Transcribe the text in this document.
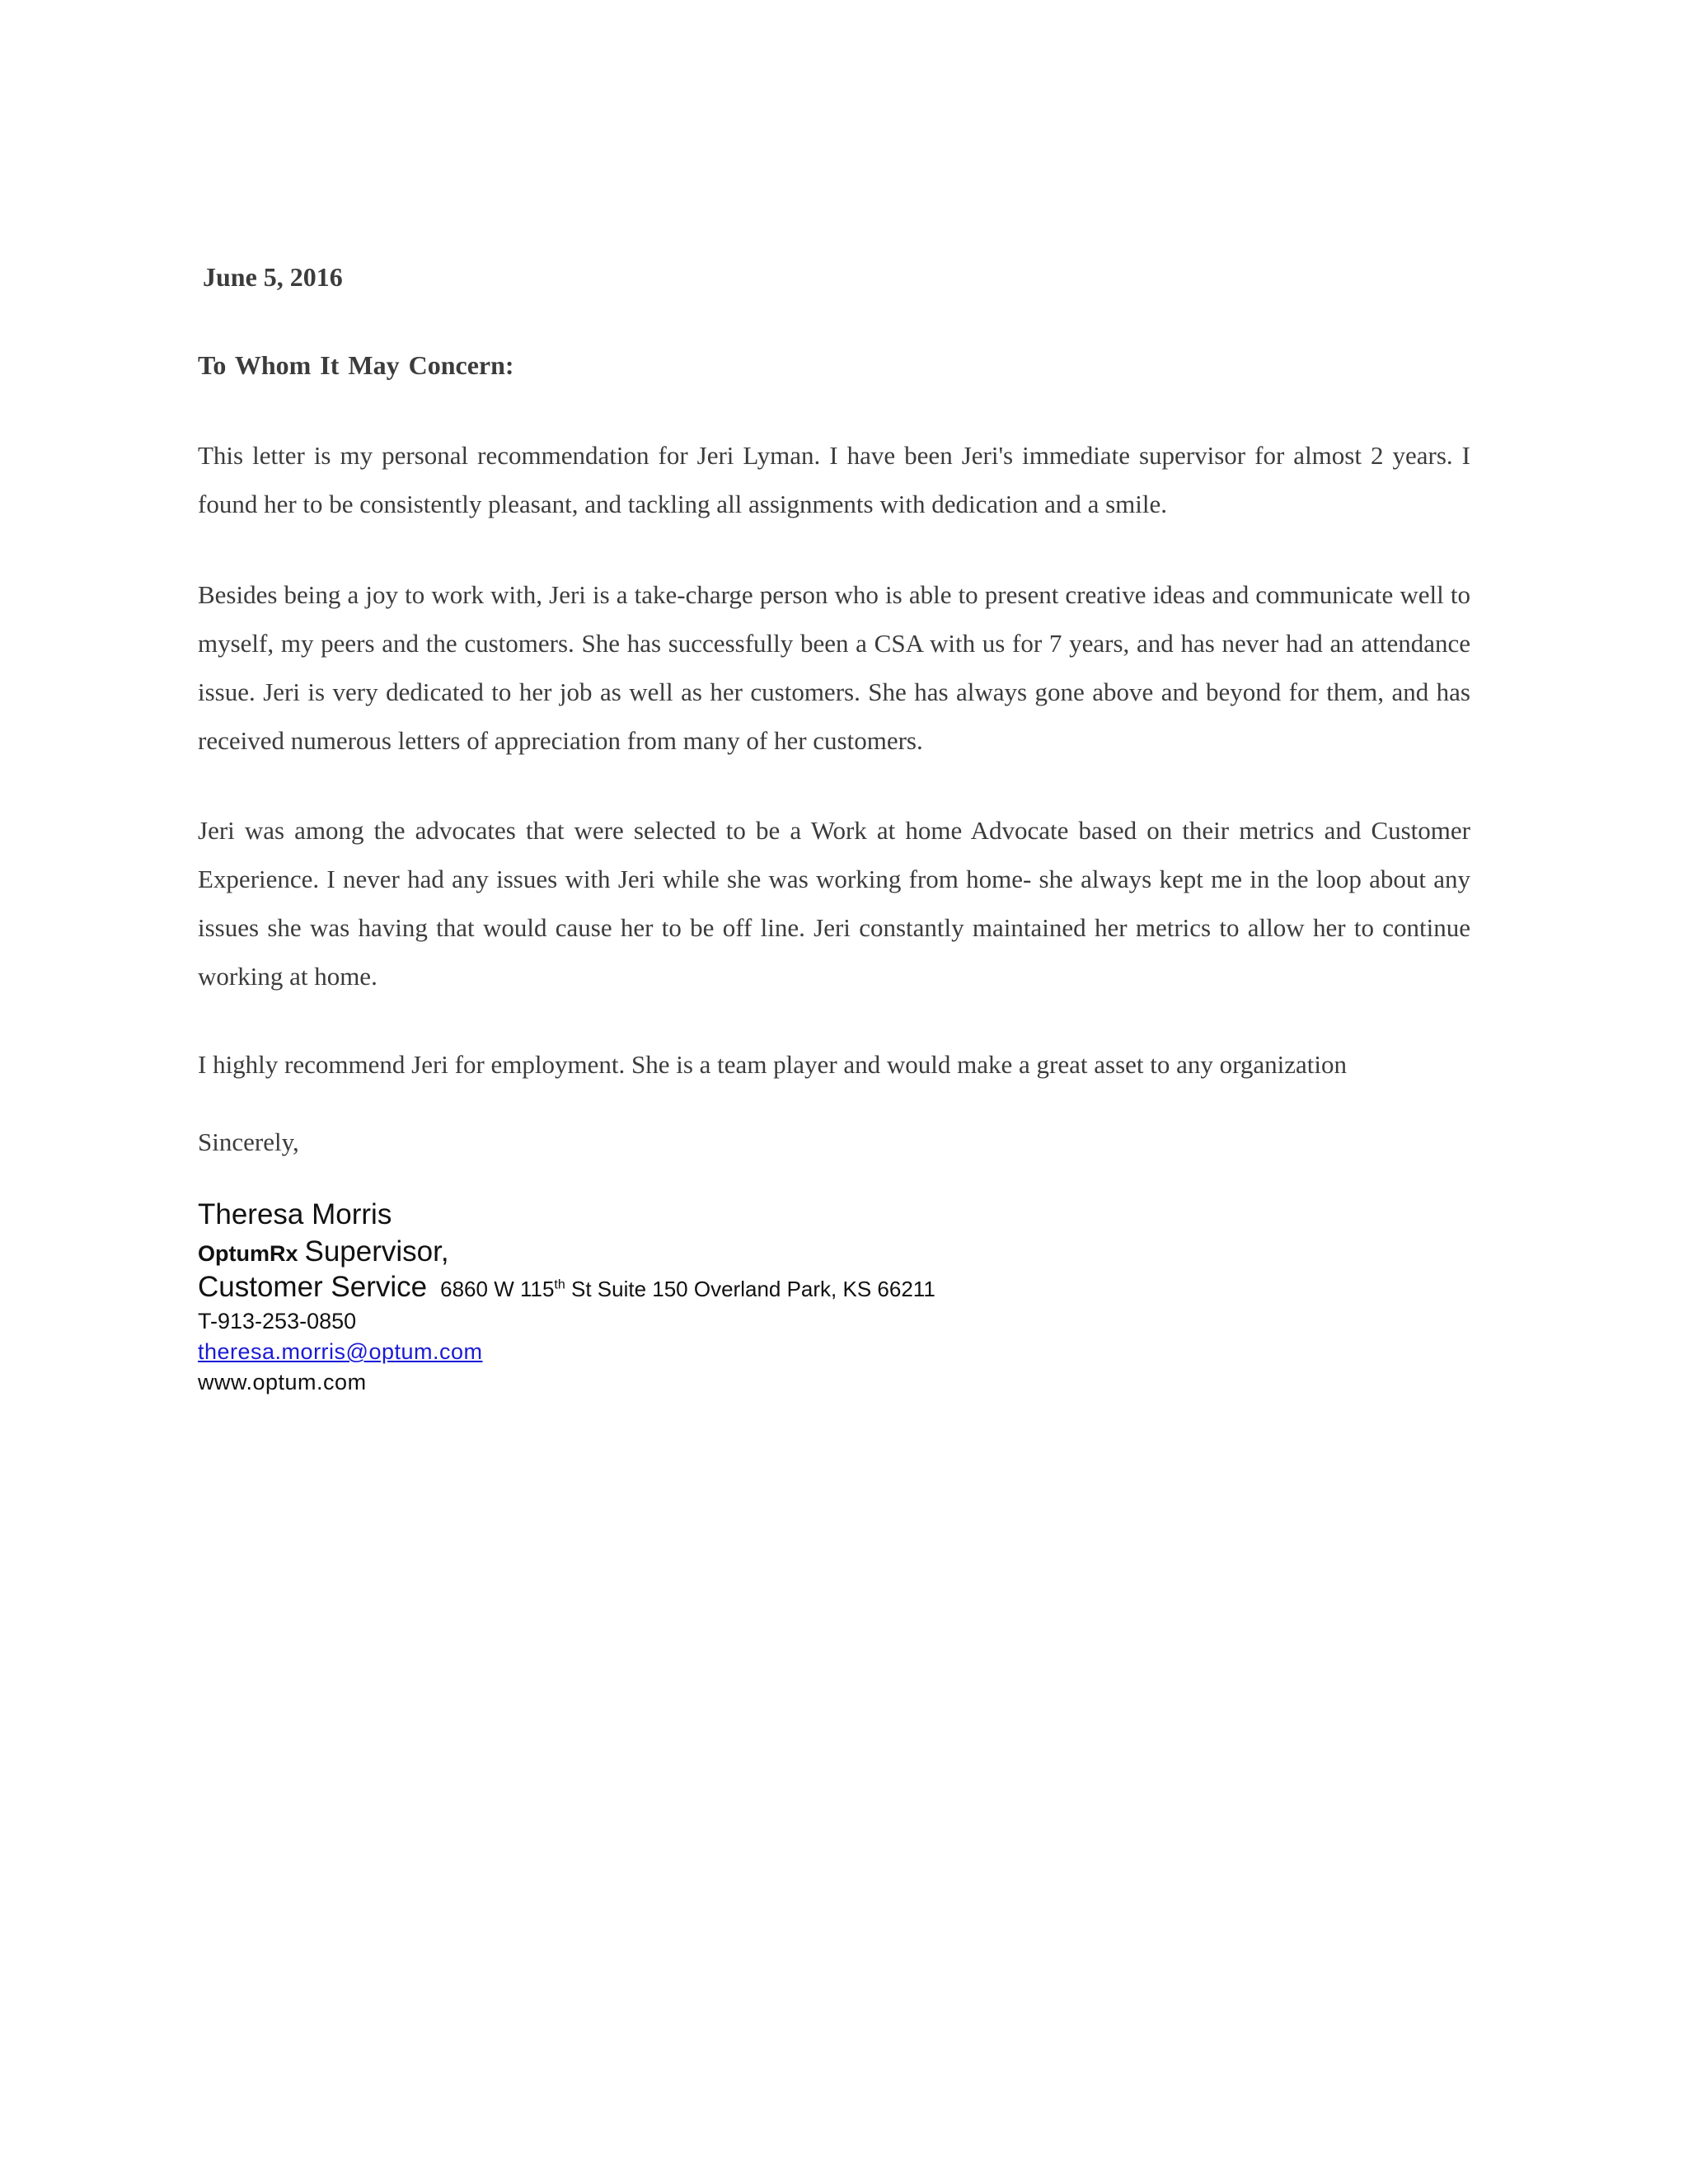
June 5, 2016
To Whom It May Concern:

This letter is my personal recommendation for Jeri Lyman. I have been Jeri's immediate supervisor for almost 2 years. I found her to be consistently pleasant, and tackling all assignments with dedication and a smile.

Besides being a joy to work with, Jeri is a take-charge person who is able to present creative ideas and communicate well to myself, my peers and the customers. She has successfully been a CSA with us for 7 years, and has never had an attendance issue. Jeri is very dedicated to her job as well as her customers. She has always gone above and beyond for them, and has received numerous letters of appreciation from many of her customers.

Jeri was among the advocates that were selected to be a Work at home Advocate based on their metrics and Customer Experience. I never had any issues with Jeri while she was working from home- she always kept me in the loop about any issues she was having that would cause her to be off line. Jeri constantly maintained her metrics to allow her to continue working at home.

I highly recommend Jeri for employment. She is a team player and would make a great asset to any organization

Sincerely,
Theresa Morris
OptumRx Supervisor,
Customer Service 6860 W 115th St Suite 150 Overland Park, KS 66211
T-913-253-0850
theresa.morris@optum.com
www.optum.com
